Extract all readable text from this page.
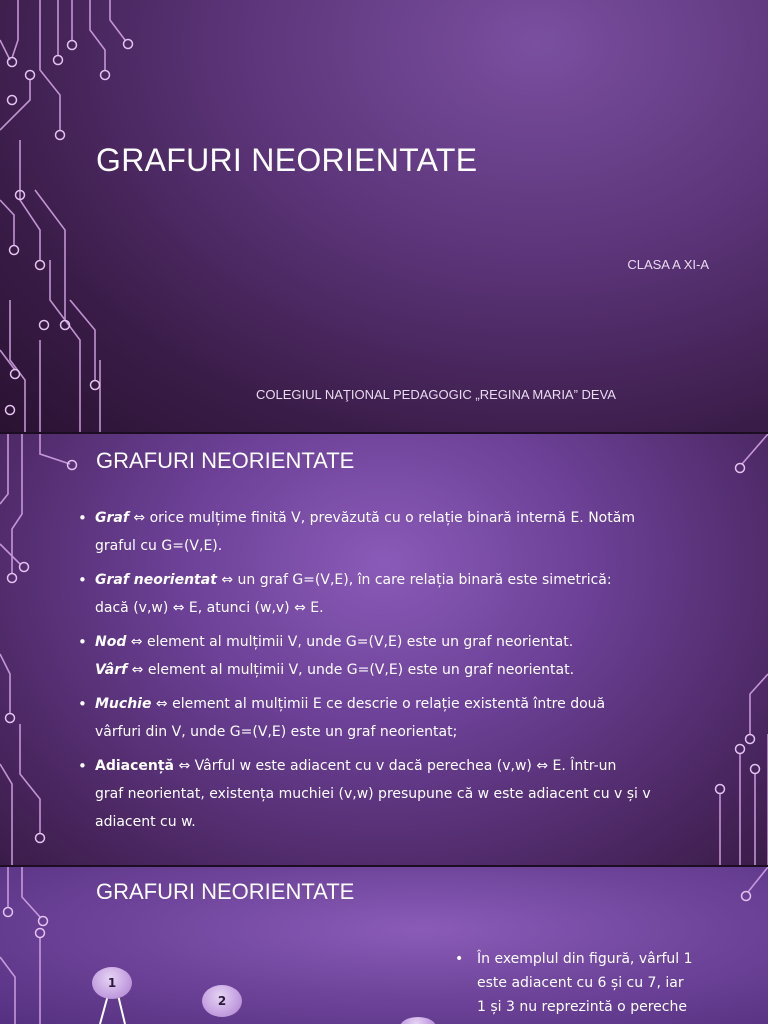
GRAFURI NEORIENTATE

CLASA A XI-A

COLEGIUL NAŢIONAL PEDAGOGIC „REGINA MARIA” DEVA

GRAFURI NEORIENTATE
• Graf ⇔ orice mulțime finită V, prevăzută cu o relație binară internă E. Notăm
graful cu G=(V,E).
• Graf neorientat ⇔ un graf G=(V,E), în care relația binară este simetrică:
dacă (v,w) ⇔ E, atunci (w,v) ⇔ E.
• Nod ⇔ element al mulțimii V, unde G=(V,E) este un graf neorientat.
Vârf ⇔ element al mulțimii V, unde G=(V,E) este un graf neorientat.
• Muchie ⇔ element al mulțimii E ce descrie o relație existentă între două
vârfuri din V, unde G=(V,E) este un graf neorientat;
• Adiacență ⇔ Vârful w este adiacent cu v dacă perechea (v,w) ⇔ E. Într-un
graf neorientat, existența muchiei (v,w) presupune că w este adiacent cu v și v
adiacent cu w.
GRAFURI NEORIENTATE
1
2
• În exemplul din figură, vârful 1
este adiacent cu 6 și cu 7, iar
1 și 3 nu reprezintă o pereche
